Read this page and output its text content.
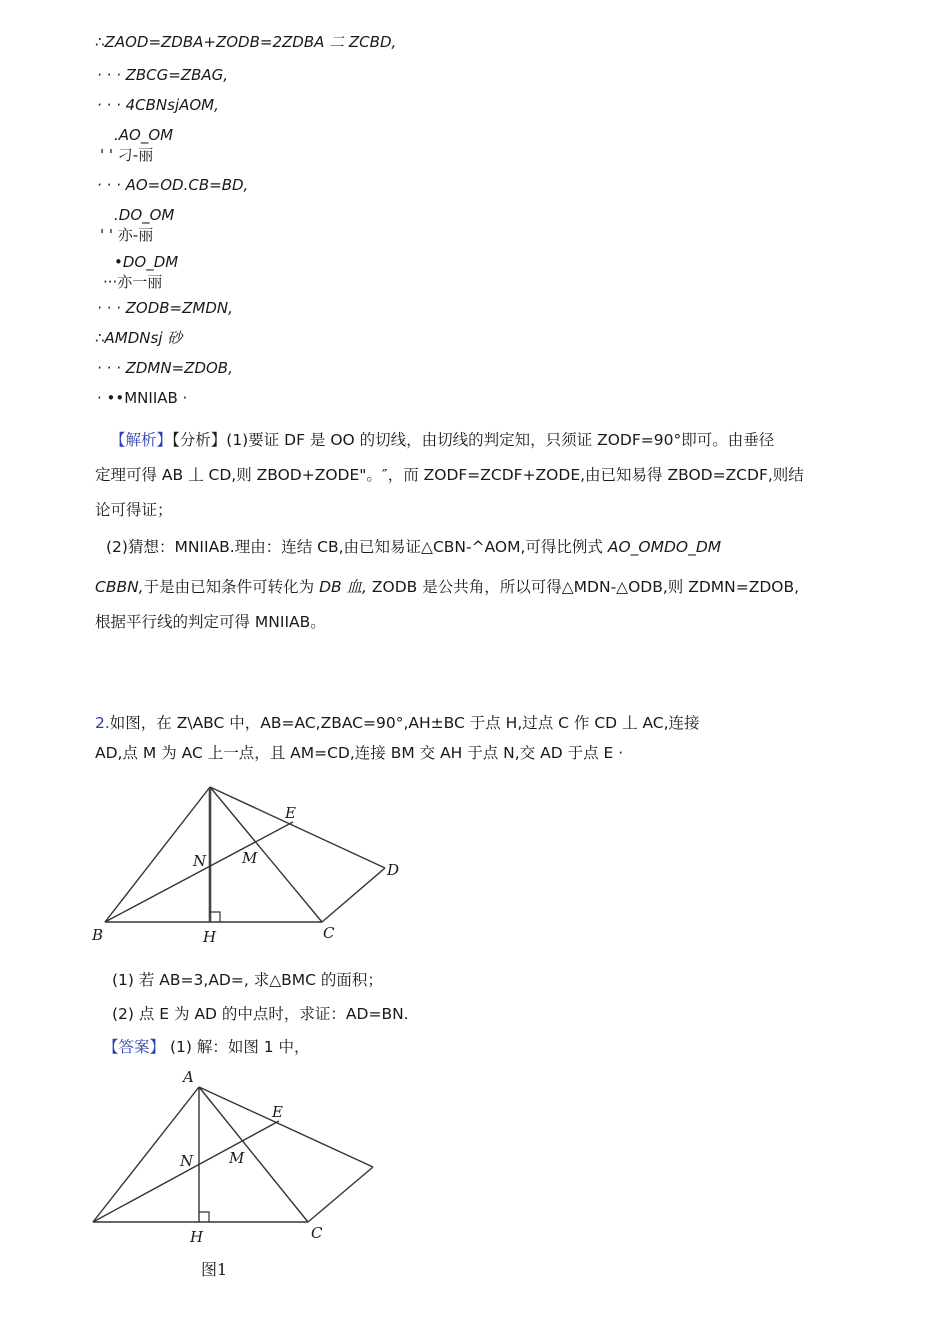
∴ZAOD=ZDBA+ZODB=2ZDBA 二 ZCBD,
· · · ZBCG=ZBAG,
· · · 4CBNsjAOM,
.AO_OM
' ' 刁-丽
· · · AO=OD.CB=BD,
.DO_OM
' ' 亦-丽
•DO_DM
···亦一丽
· · · ZODB=ZMDN,
∴AMDNsj 砂
· · · ZDMN=ZDOB,
· ••MNIIAB ·
【解析】【分析】(1)要证 DF 是 OO 的切线，由切线的判定知，只须证 ZODF=90°即可。由垂径
定理可得 AB 丄 CD,则 ZBOD+ZODE"。″，而 ZODF=ZCDF+ZODE,由已知易得 ZBOD=ZCDF,则结
论可得证；
(2)猜想：MNIIAB.理由：连结 CB,由已知易证△CBN-^AOM,可得比例式 AO_OMDO_DM
CBBN,于是由已知条件可转化为 DB 血, ZODB 是公共角，所以可得△MDN-△ODB,则 ZDMN=ZDOB,
根据平行线的判定可得 MNIIAB。
2.如图，在 Z\ABC 中，AB=AC,ZBAC=90°,AH±BC 于点 H,过点 C 作 CD 丄 AC,连接
AD,点 M 为 AC 上一点，且 AM=CD,连接 BM 交 AH 于点 N,交 AD 于点 E ·
B	H	C
D
E
N M
(1) 若 AB=3,AD=, 求△BMC 的面积；
(2) 点 E 为 AD 的中点时，求证：AD=BN.
【答案】 (1) 解：如图 1 中，
A
H	C
E
N M
图1
